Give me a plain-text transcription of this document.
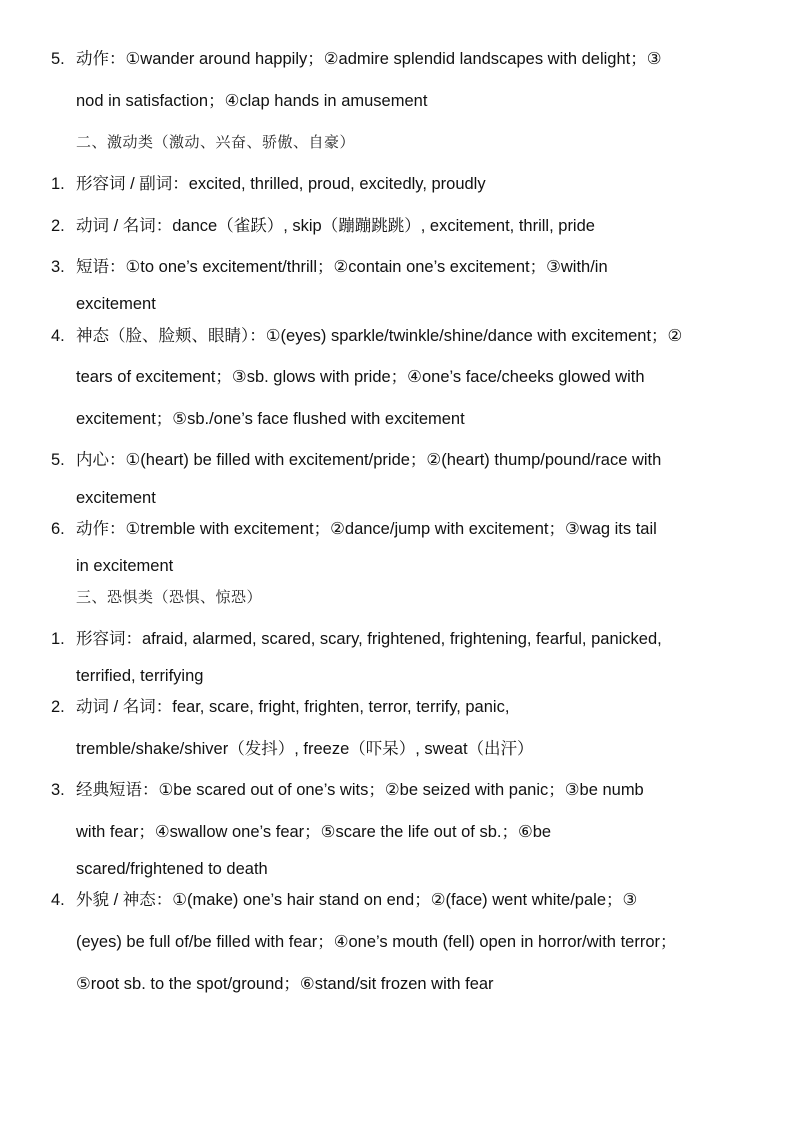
5. 动作：①wander around happily；②admire splendid landscapes with delight；③
nod in satisfaction；④clap hands in amusement
二、激动类（激动、兴奋、骄傲、自豪）
1. 形容词 / 副词：excited, thrilled, proud, excitedly, proudly
2. 动词 / 名词：dance（雀跃）, skip（蹦蹦跳跳）, excitement, thrill, pride
3. 短语：①to one’s excitement/thrill；②contain one’s excitement；③with/in
excitement
4. 神态（脸、脸颊、眼睛）：①(eyes) sparkle/twinkle/shine/dance with excitement；②
tears of excitement；③sb. glows with pride；④one’s face/cheeks glowed with
excitement；⑤sb./one’s face flushed with excitement
5. 内心：①(heart) be filled with excitement/pride；②(heart) thump/pound/race with
excitement
6. 动作：①tremble with excitement；②dance/jump with excitement；③wag its tail
in excitement
三、恐惧类（恐惧、惊恐）
1. 形容词：afraid, alarmed, scared, scary, frightened, frightening, fearful, panicked,
terrified, terrifying
2. 动词 / 名词：fear, scare, fright, frighten, terror, terrify, panic,
tremble/shake/shiver（发抖）, freeze（吓呆）, sweat（出汗）
3. 经典短语：①be scared out of one’s wits；②be seized with panic；③be numb
with fear；④swallow one’s fear；⑤scare the life out of sb.；⑥be
scared/frightened to death
4. 外貌 / 神态：①(make) one’s hair stand on end；②(face) went white/pale；③
(eyes) be full of/be filled with fear；④one’s mouth (fell) open in horror/with terror；
⑤root sb. to the spot/ground；⑥stand/sit frozen with fear
